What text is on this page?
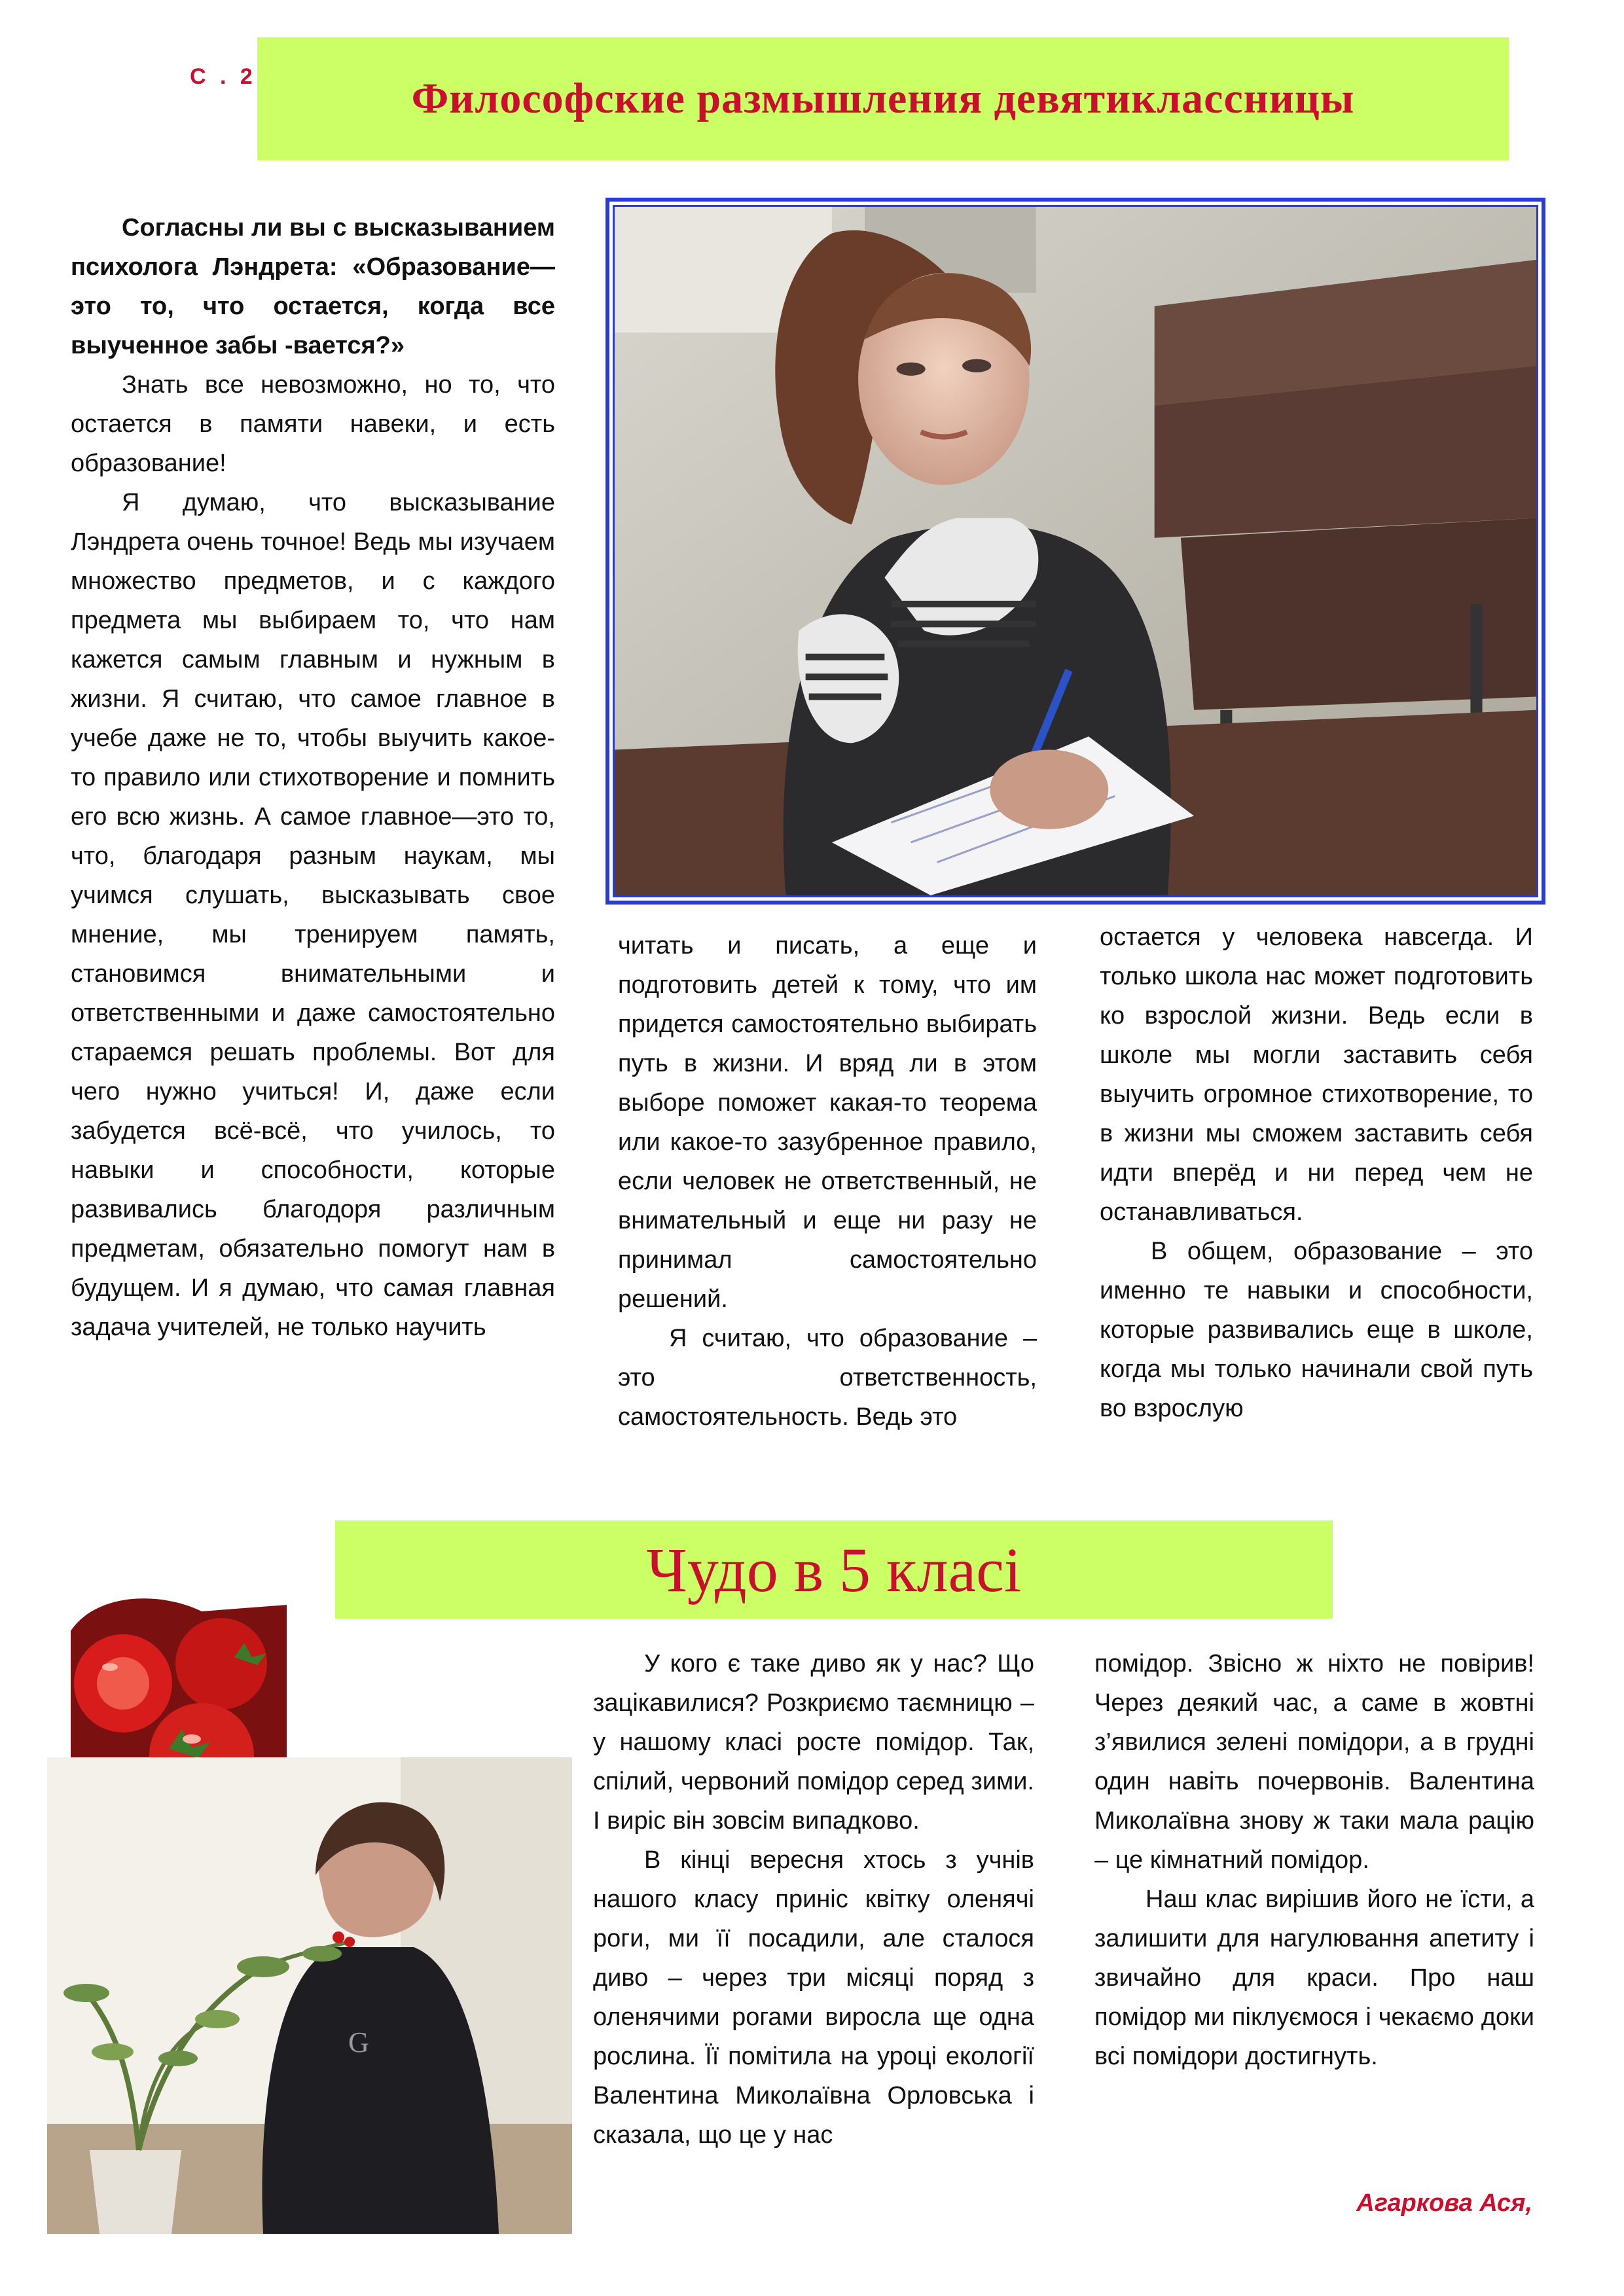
С . 2	Философские размышления девятиклассницы

Согласны ли вы с высказыванием психолога Лэндрета: «Образование—это то, что остается, когда все выученное забы -вается?»

Знать все невозможно, но то, что остается в памяти навеки, и есть образование!

Я думаю, что высказывание Лэндрета очень точное! Ведь мы изучаем множество предметов, и с каждого предмета мы выбираем то, что нам кажется самым главным и нужным в жизни. Я считаю, что самое главное в учебе даже не то, чтобы выучить какое-то правило или стихотворение и помнить его всю жизнь. А самое главное—это то, что, благодаря разным наукам, мы учимся слушать, высказывать свое мнение, мы тренируем память, становимся внимательными и ответственными и даже самостоятельно стараемся решать проблемы. Вот для чего нужно учиться! И, даже если забудется всё-всё, что училось, то навыки и способности, которые развивались благодоря различным предметам, обязательно помогут нам в будущем. И я думаю, что самая главная задача учителей, не только научить

читать и писать, а еще и подготовить детей к тому, что им придется самостоятельно выбирать путь в жизни. И вряд ли в этом выборе поможет какая-то теорема или какое-то зазубренное правило, если человек не ответственный, не внимательный и еще ни разу не принимал самостоятельно решений.

Я считаю, что образование – это ответственность, самостоятельность. Ведь это

остается у человека навсегда. И только школа нас может подготовить ко взрослой жизни. Ведь если в школе мы могли заставить себя выучить огромное стихотворение, то в жизни мы сможем заставить себя идти вперёд и ни перед чем не останавливаться.

В общем, образование – это именно те навыки и способности, которые развивались еще в школе, когда мы только начинали свой путь во взрослую

Чудо в 5 класі
G

У кого є таке диво як у нас? Що зацікавилися? Розкриємо таємницю – у нашому класі росте помідор. Так, спілий, червоний помідор серед зими. І виріс він зовсім випадково.

В кінці вересня хтось з учнів нашого класу приніс квітку оленячі роги, ми її посадили, але сталося диво – через три місяці поряд з оленячими рогами виросла ще одна рослина. Її помітила на уроці екології Валентина Миколаївна Орловська і сказала, що це у нас

помідор. Звісно ж ніхто не повірив! Через деякий час, а саме в жовтні з’явилися зелені помідори, а в грудні один навіть почервонів. Валентина Миколаївна знову ж таки мала рацію – це кімнатний помідор.

Наш клас вирішив його не їсти, а залишити для нагулювання апетиту і звичайно для краси. Про наш помідор ми піклуємося і чекаємо доки всі помідори достигнуть.

Агаркова Ася,
